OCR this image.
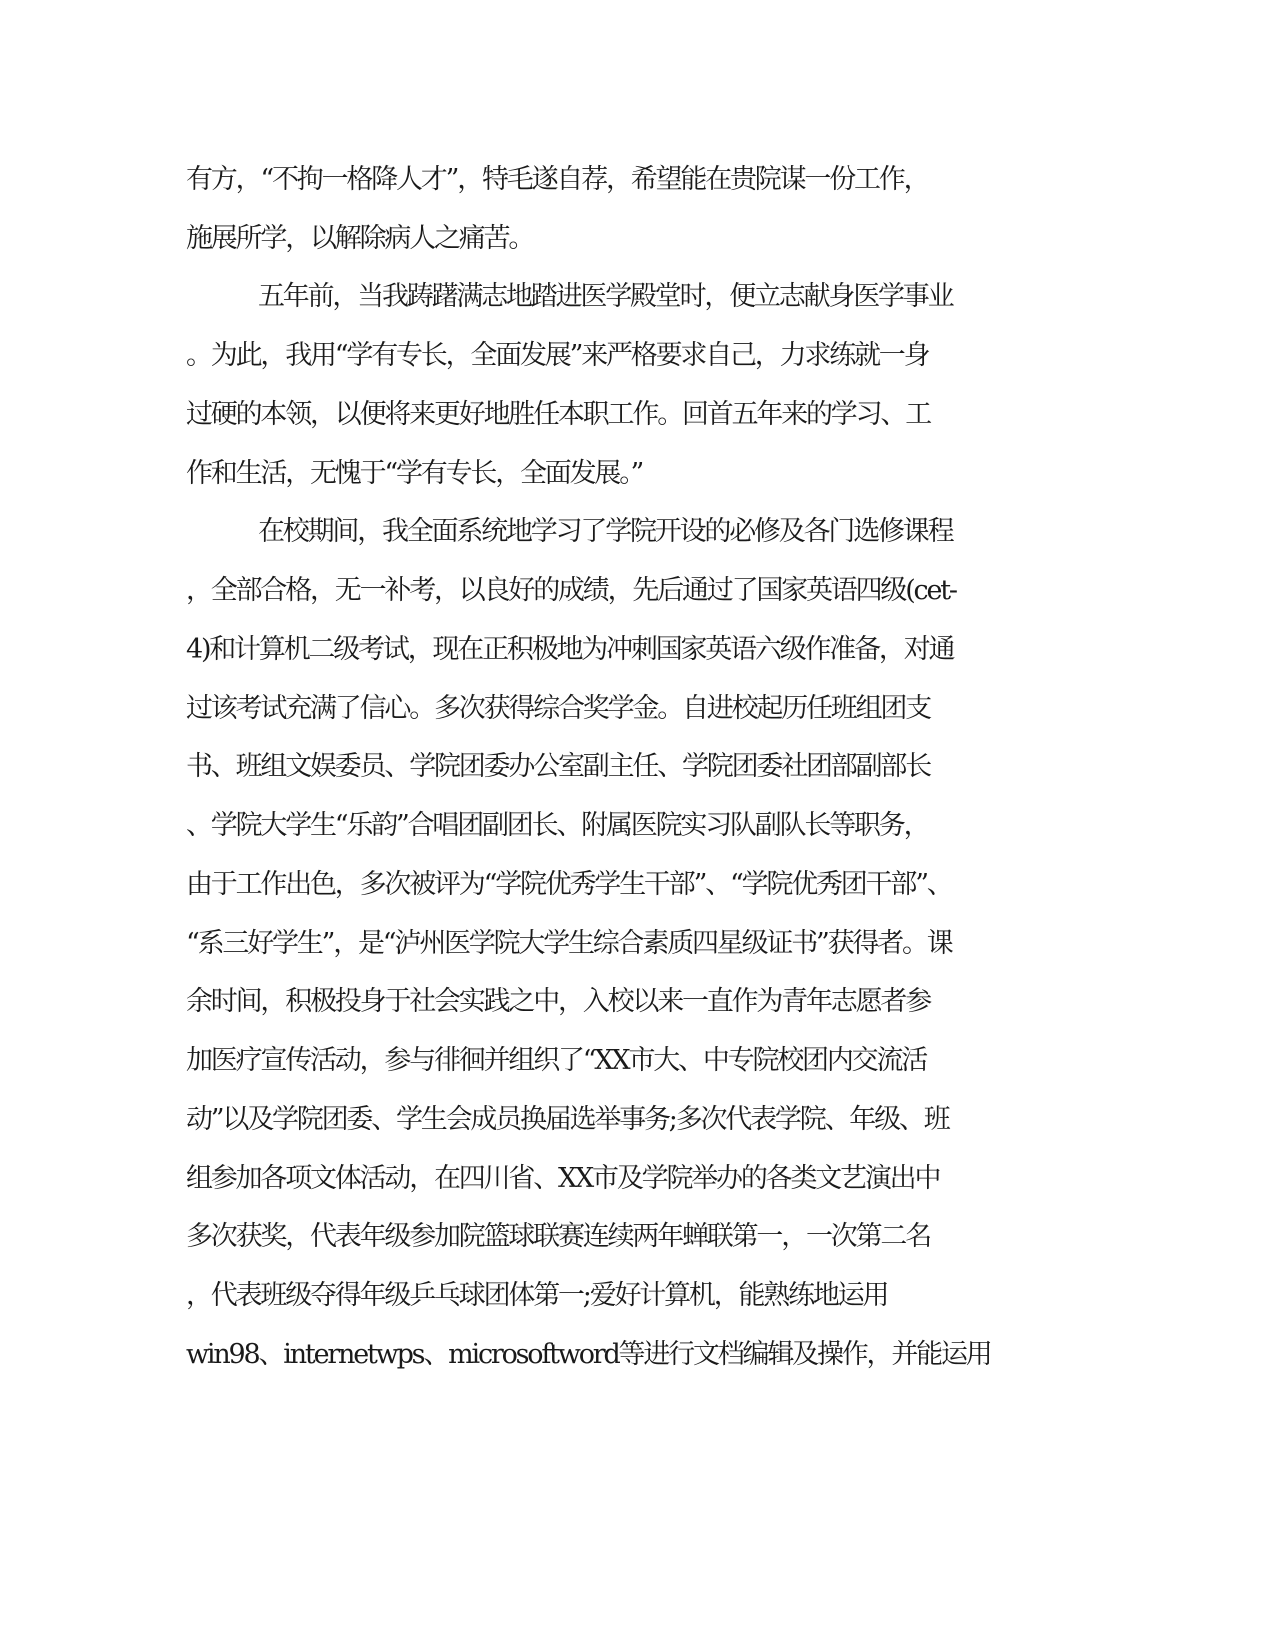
有方，“不拘一格降人才”，特毛遂自荐，希望能在贵院谋一份工作，
施展所学，以解除病人之痛苦。
五年前，当我踌躇满志地踏进医学殿堂时，便立志献身医学事业
。为此，我用“学有专长，全面发展”来严格要求自己，力求练就一身
过硬的本领，以便将来更好地胜任本职工作。回首五年来的学习、工
作和生活，无愧于“学有专长，全面发展。”
在校期间，我全面系统地学习了学院开设的必修及各门选修课程
，全部合格，无一补考，以良好的成绩，先后通过了国家英语四级(cet-
4)和计算机二级考试，现在正积极地为冲刺国家英语六级作准备，对通
过该考试充满了信心。多次获得综合奖学金。自进校起历任班组团支
书、班组文娱委员、学院团委办公室副主任、学院团委社团部副部长
、学院大学生“乐韵”合唱团副团长、附属医院实习队副队长等职务，
由于工作出色，多次被评为“学院优秀学生干部”、“学院优秀团干部”、
“系三好学生”，是“泸州医学院大学生综合素质四星级证书”获得者。课
余时间，积极投身于社会实践之中，入校以来一直作为青年志愿者参
加医疗宣传活动，参与徘徊并组织了“XX市大、中专院校团内交流活
动”以及学院团委、学生会成员换届选举事务;多次代表学院、年级、班
组参加各项文体活动，在四川省、XX市及学院举办的各类文艺演出中
多次获奖，代表年级参加院篮球联赛连续两年蝉联第一，一次第二名
，代表班级夺得年级乒乓球团体第一;爱好计算机，能熟练地运用
win98、internetwps、microsoftword等进行文档编辑及操作，并能运用
